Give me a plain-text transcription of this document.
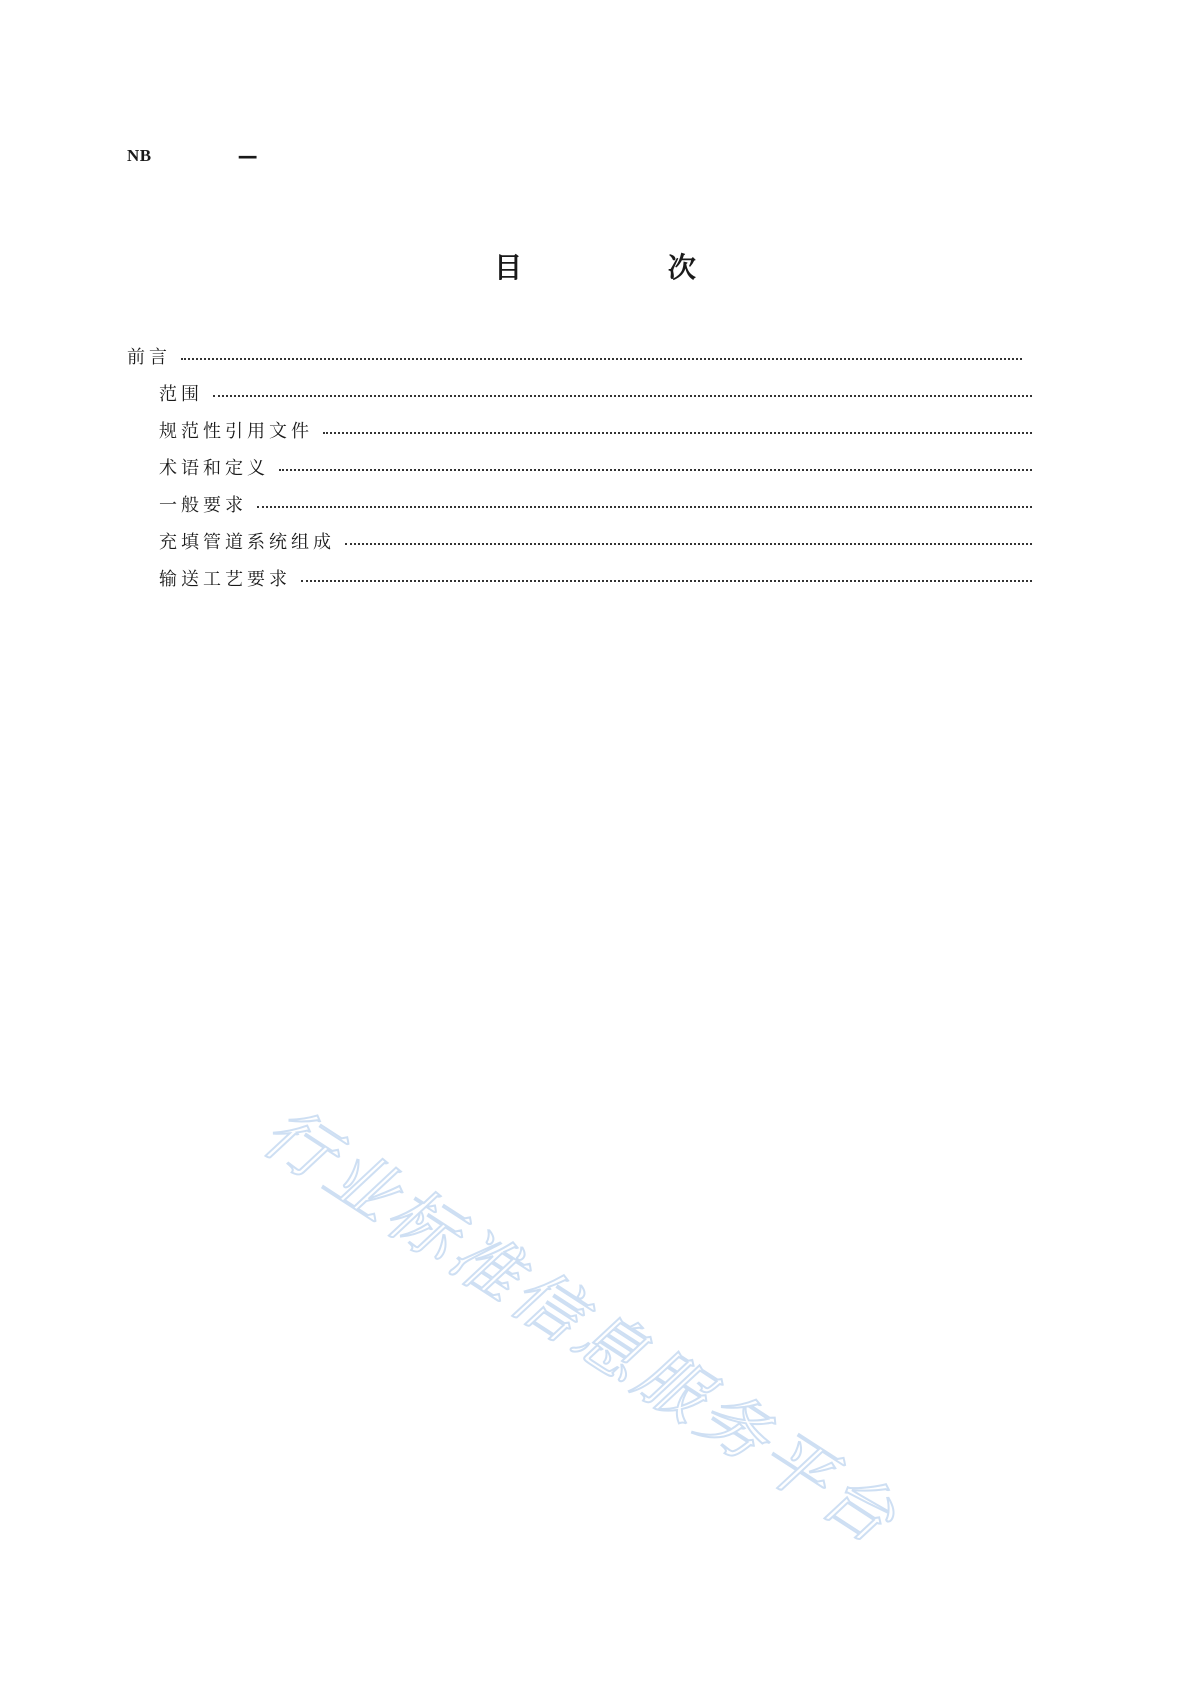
NB	—
目 次
前言
范围
规范性引用文件
术语和定义
一般要求
充填管道系统组成
输送工艺要求
行业标准信息服务平台
